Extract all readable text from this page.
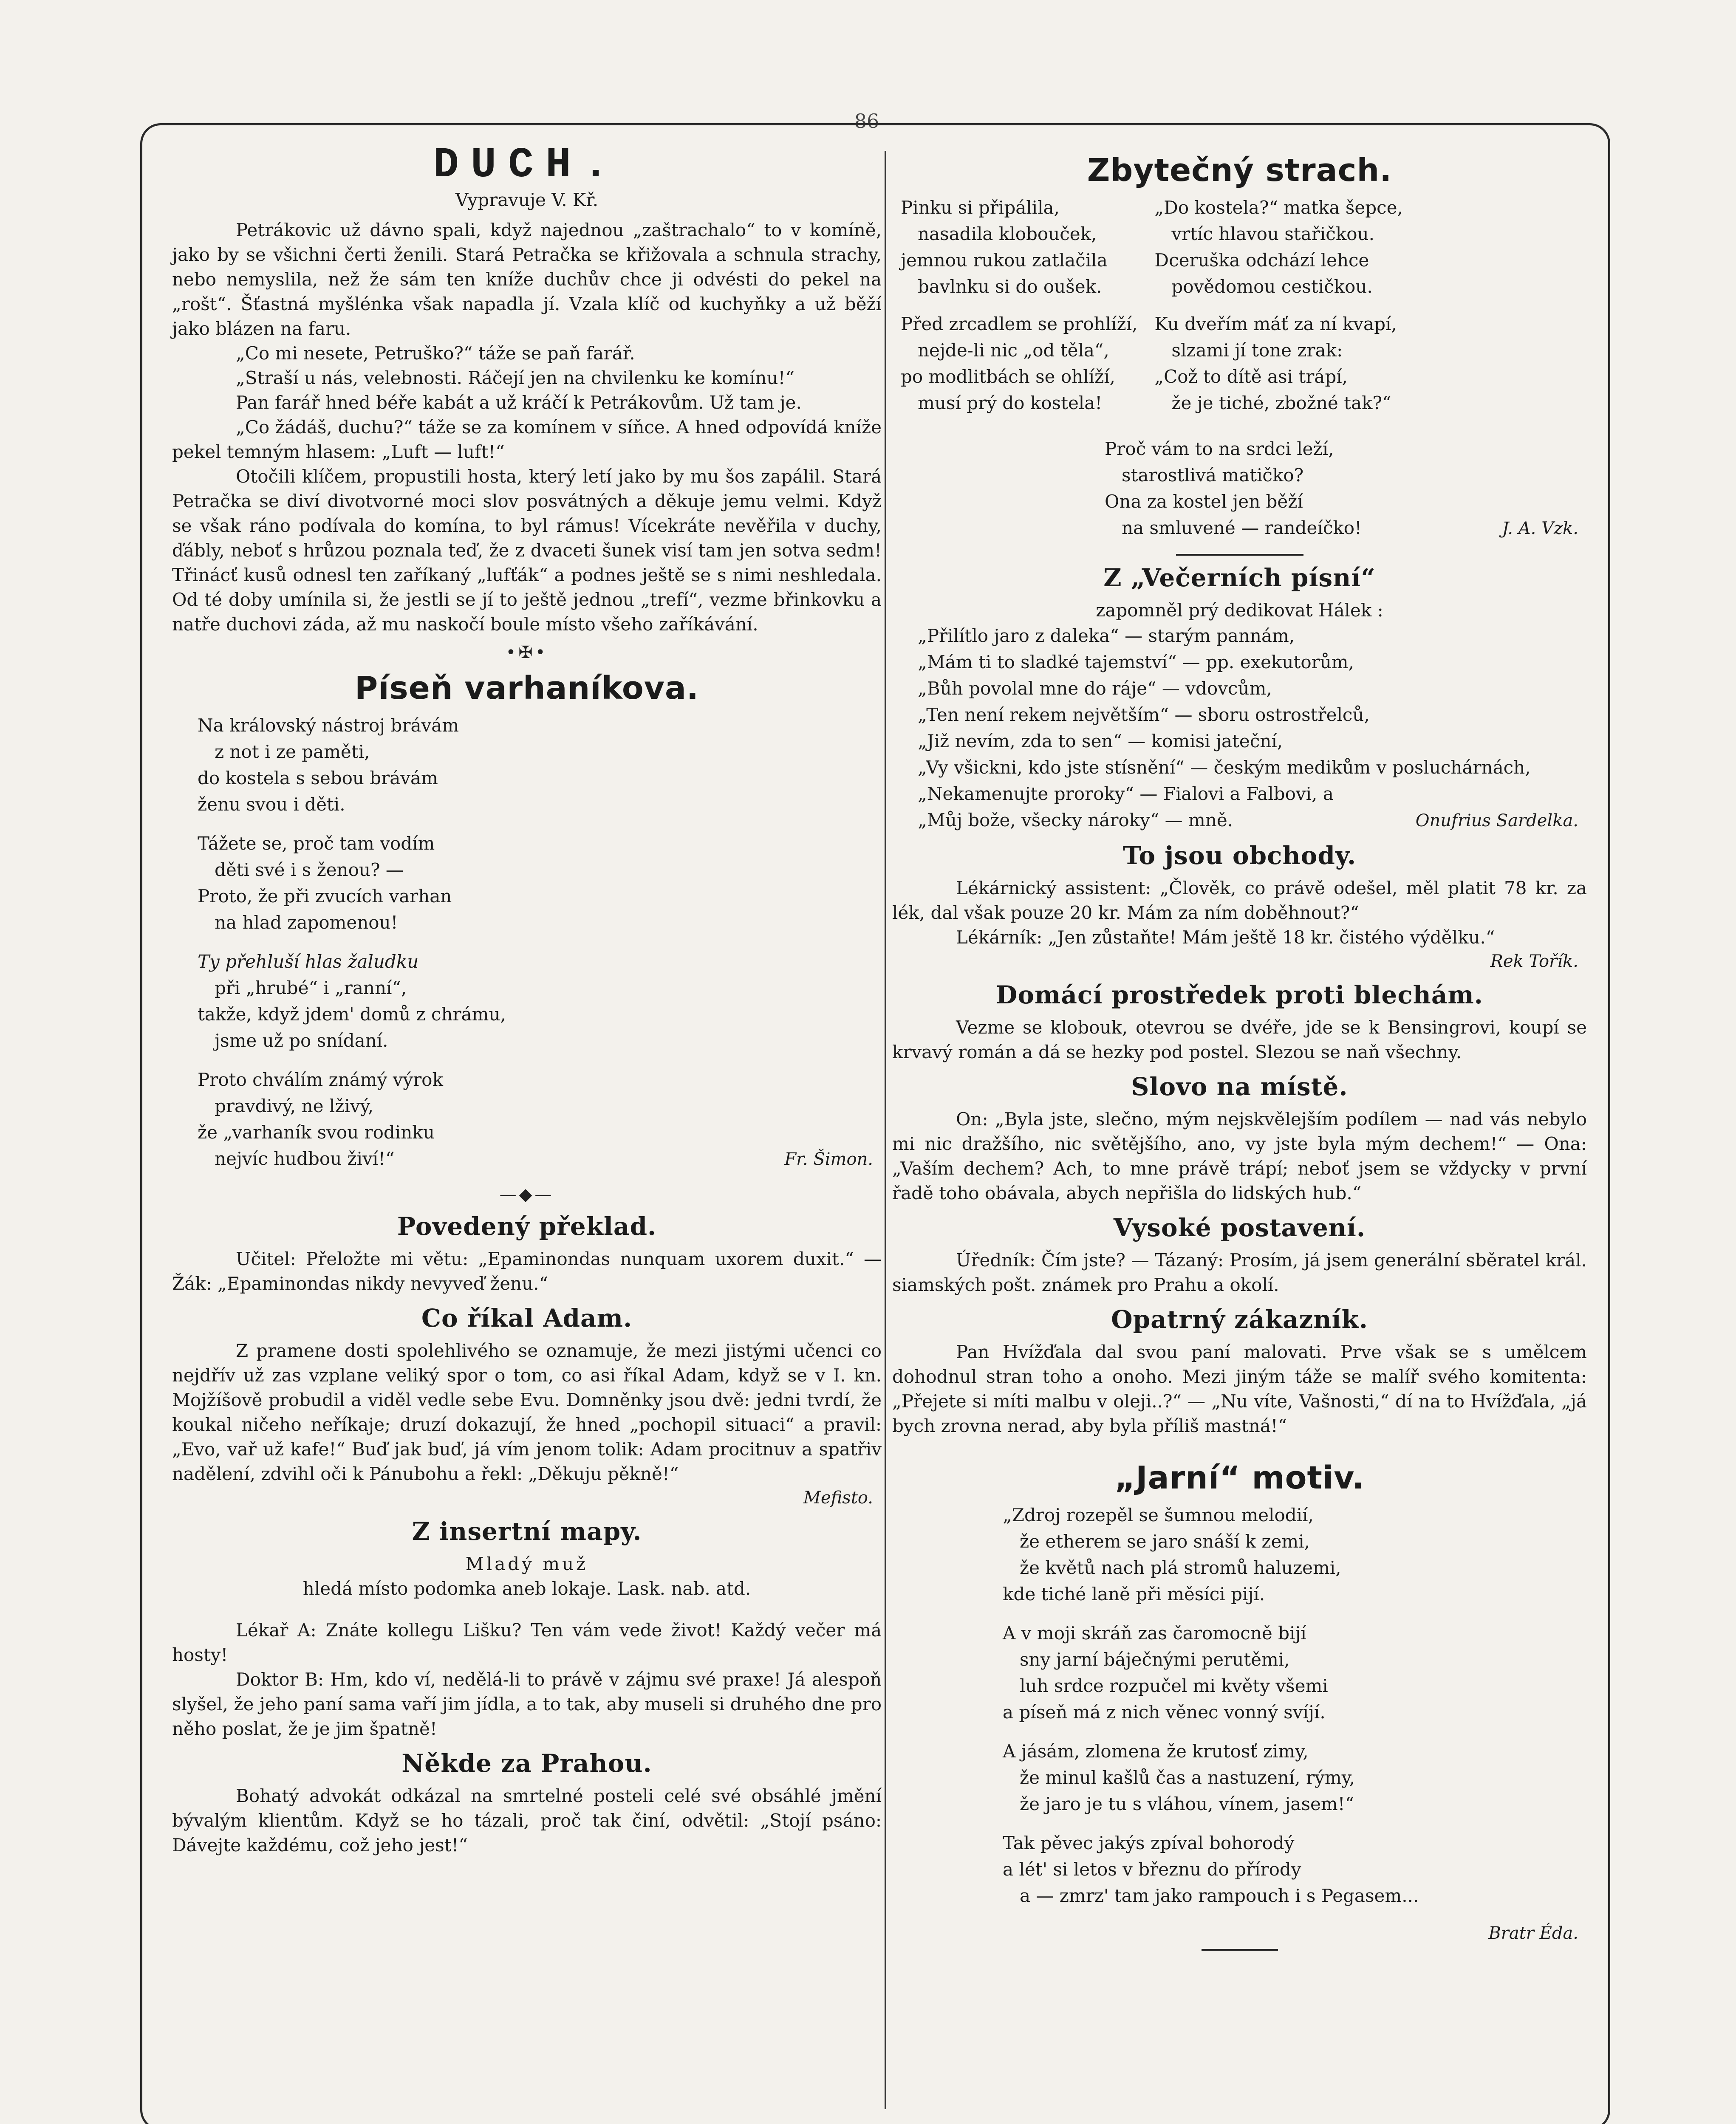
86
DUCH.
Vypravuje V. Kř.

Petrákovic už dávno spali, když najednou „zaštrachalo“ to v komíně, jako by se všichni čerti ženili. Stará Petračka se křižovala a schnula strachy, nebo nemyslila, než že sám ten kníže duchův chce ji odvésti do pekel na „rošt“. Šťastná myšlénka však napadla jí. Vzala klíč od kuchyňky a už běží jako blázen na faru.

„Co mi nesete, Petruško?“ táže se paň farář.

„Straší u nás, velebnosti. Ráčejí jen na chvilenku ke komínu!“

Pan farář hned béře kabát a už kráčí k Petrákovům. Už tam je.

„Co žádáš, duchu?“ táže se za komínem v síňce. A hned odpovídá kníže pekel temným hlasem: „Luft — luft!“

Otočili klíčem, propustili hosta, který letí jako by mu šos zapálil. Stará Petračka se diví divotvorné moci slov posvátných a děkuje jemu velmi. Když se však ráno podívala do komína, to byl rámus! Vícekráte nevěřila v duchy, ďábly, neboť s hrůzou poznala teď, že z dvaceti šunek visí tam jen sotva sedm! Třinácť kusů odnesl ten zaříkaný „lufťák“ a podnes ještě se s nimi neshledala. Od té doby umínila si, že jestli se jí to ještě jednou „trefí“, vezme břinkovku a natře duchovi záda, až mu naskočí boule místo všeho zaříkávání.

•✠•
Píseň varhaníkova.
Na královský nástroj brávám
z not i ze paměti,
do kostela s sebou brávám
ženu svou i děti.
Tážete se, proč tam vodím
děti své i s ženou? —
Proto, že při zvucích varhan
na hlad zapomenou!
Ty přehluší hlas žaludku
při „hrubé“ i „ranní“,
takže, když jdem' domů z chrámu,
jsme už po snídaní.
Proto chválím známý výrok
pravdivý, ne lživý,
že „varhaník svou rodinku
nejvíc hudbou živí!“	Fr. Šimon.
—◆—
Povedený překlad.

Učitel: Přeložte mi větu: „Epaminondas nunquam uxorem duxit.“ — Žák: „Epaminondas nikdy nevyveď ženu.“

Co říkal Adam.

Z pramene dosti spolehlivého se oznamuje, že mezi jistými učenci co nejdřív už zas vzplane veliký spor o tom, co asi říkal Adam, když se v I. kn. Mojžíšově probudil a viděl vedle sebe Evu. Domněnky jsou dvě: jedni tvrdí, že koukal ničeho neříkaje; druzí dokazují, že hned „pochopil situaci“ a pravil: „Evo, vař už kafe!“ Buď jak buď, já vím jenom tolik: Adam procitnuv a spatřiv nadělení, zdvihl oči k Pánubohu a řekl: „Děkuju pěkně!“

Mefisto.
Z insertní mapy.
Mladý muž
hledá místo podomka aneb lokaje. Lask. nab. atd.

Lékař A: Znáte kollegu Lišku? Ten vám vede život! Každý večer má hosty!

Doktor B: Hm, kdo ví, nedělá-li to právě v zájmu své praxe! Já alespoň slyšel, že jeho paní sama vaří jim jídla, a to tak, aby museli si druhého dne pro něho poslat, že je jim špatně!

Někde za Prahou.

Bohatý advokát odkázal na smrtelné posteli celé své obsáhlé jmění bývalým klientům. Když se ho tázali, proč tak činí, odvětil: „Stojí psáno: Dávejte každému, což jeho jest!“

Zbytečný strach.
Pinku si připálila,
nasadila klobouček,
jemnou rukou zatlačila
bavlnku si do oušek.
Před zrcadlem se prohlíží,
nejde-li nic „od těla“,
po modlitbách se ohlíží,
musí prý do kostela!
„Do kostela?“ matka šepce,
vrtíc hlavou stařičkou.
Dceruška odchází lehce
povědomou cestičkou.
Ku dveřím máť za ní kvapí,
slzami jí tone zrak:
„Což to dítě asi trápí,
že je tiché, zbožné tak?“
Proč vám to na srdci leží,
starostlivá matičko?
Ona za kostel jen běží
na smluvené — randeíčko!	J. A. Vzk.
Z „Večerních písní“
zapomněl prý dedikovat Hálek :
„Přilítlo jaro z daleka“ — starým pannám,
„Mám ti to sladké tajemství“ — pp. exekutorům,
„Bůh povolal mne do ráje“ — vdovcům,
„Ten není rekem největším“ — sboru ostrostřelců,
„Již nevím, zda to sen“ — komisi jateční,
„Vy všickni, kdo jste stísnění“ — českým medikům v posluchárnách,
„Nekamenujte proroky“ — Fialovi a Falbovi, a
„Můj bože, všecky nároky“ — mně.	Onufrius Sardelka.
To jsou obchody.

Lékárnický assistent: „Člověk, co právě odešel, měl platit 78 kr. za lék, dal však pouze 20 kr. Mám za ním doběhnout?“

Lékárník: „Jen zůstaňte! Mám ještě 18 kr. čistého výdělku.“

Rek Tořík.
Domácí prostředek proti blechám.

Vezme se klobouk, otevrou se dvéře, jde se k Bensingrovi, koupí se krvavý román a dá se hezky pod postel. Slezou se naň všechny.

Slovo na místě.

On: „Byla jste, slečno, mým nejskvělejším podílem — nad vás nebylo mi nic dražšího, nic světějšího, ano, vy jste byla mým dechem!“ — Ona: „Vaším dechem? Ach, to mne právě trápí; neboť jsem se vždycky v první řadě toho obávala, abych nepřišla do lidských hub.“

Vysoké postavení.

Úředník: Čím jste? — Tázaný: Prosím, já jsem generální sběratel král. siamských pošt. známek pro Prahu a okolí.

Opatrný zákazník.

Pan Hvížďala dal svou paní malovati. Prve však se s umělcem dohodnul stran toho a onoho. Mezi jiným táže se malíř svého komitenta: „Přejete si míti malbu v oleji..?“ — „Nu víte, Vašnosti,“ dí na to Hvížďala, „já bych zrovna nerad, aby byla příliš mastná!“

„Jarní“ motiv.
„Zdroj rozepěl se šumnou melodií,
že etherem se jaro snáší k zemi,
že květů nach plá stromů haluzemi,
kde tiché laně při měsíci pijí.
A v moji skráň zas čaromocně bijí
sny jarní báječnými perutěmi,
luh srdce rozpučel mi květy všemi
a píseň má z nich věnec vonný svíjí.
A jásám, zlomena že krutosť zimy,
že minul kašlů čas a nastuzení, rýmy,
že jaro je tu s vláhou, vínem, jasem!“
Tak pěvec jakýs zpíval bohorodý
a lét' si letos v březnu do přírody
a — zmrz' tam jako rampouch i s Pegasem...
Bratr Éda.
